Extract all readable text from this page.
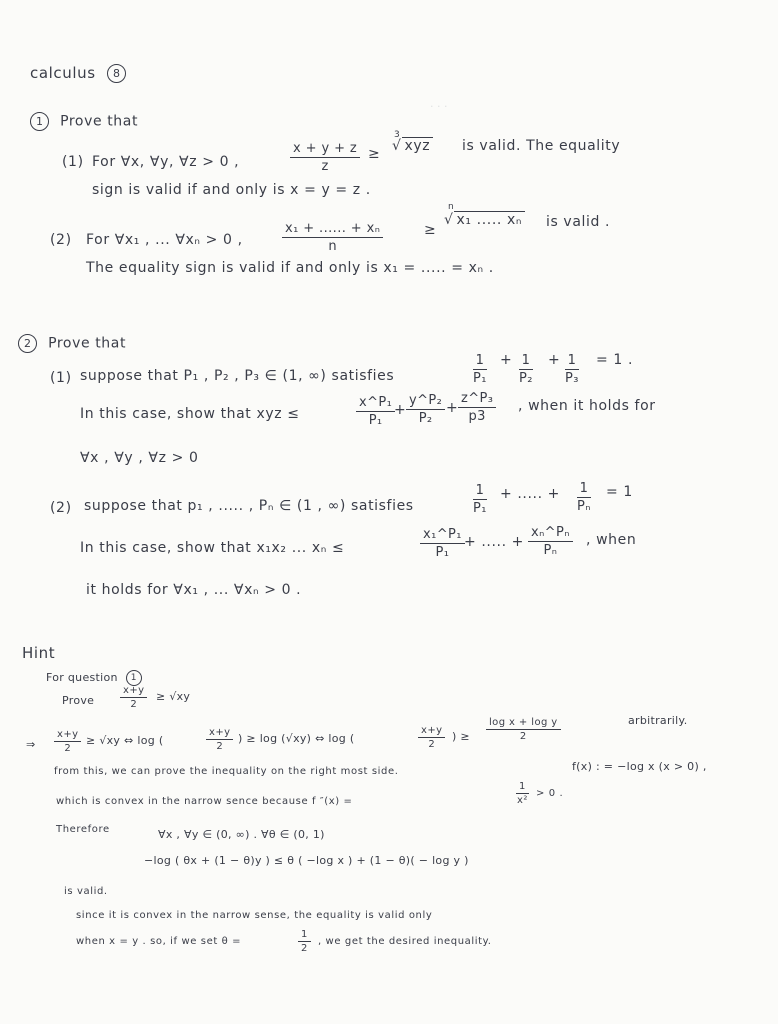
· · ·
calculus 8
1 Prove that
(1) For ∀x, ∀y, ∀z > 0 ,	$\frac{x + y + z}{z}$ ≥
3
√ xyz is valid. The equality
sign is valid if and only is x = y = z .
(2) For ∀x₁ , ... ∀xₙ > 0 ,	$\frac{\text{x₁ + ...... + xₙ}}{n}$	≥
n
√ x₁ ..... xₙ is valid .
The equality sign is valid if and only is x₁ = ..... = xₙ .
2 Prove that
(1) suppose that P₁ , P₂ , P₃ ∈ (1, ∞) satisfies	$\frac{1}{\text{P₁}} + \frac{1}{\text{P₂}} + \frac{1}{\text{P₃}} = 1$ .
In this case, show that xyz ≤	$\frac{\text{x\textasciicircum{}P₁}}{\text{P₁}}$
+ $\frac{\text{y\textasciicircum{}P₂}}{\text{P₂}} + \frac{\text{z\textasciicircum{}P₃}}{p3}$ , when it holds for
∀x , ∀y , ∀z > 0
(2) suppose that p₁ , ..... , Pₙ ∈ (1 , ∞) satisfies	$\frac{1}{\text{P₁}}$ + ..... + $\frac{1}{\text{Pₙ}} = 1$
In this case, show that x₁x₂ ... xₙ ≤	$\frac{\text{x₁\textasciicircum{}P₁}}{\text{P₁}}$ + ..... + $\frac{\text{xₙ\textasciicircum{}Pₙ}}{\text{Pₙ}}$ , when
it holds for ∀x₁ , ... ∀xₙ > 0 .
Hint
For question 1
Prove	$\frac{x+y}{2} \ge √xy$
⇒ $\frac{x+y}{2} \ge √xy$ ⇔ log (	$\frac{x+y}{2}$ ) ≥ log (√xy) ⇔ log (	$\frac{x+y}{2}$ ) ≥ $\frac{\text{log x + log y}}{2}$	arbitrarily.
from this, we can prove the inequality on the right most side.	f(x) : = −log x (x > 0) ,
which is convex in the narrow sence because f ″(x) =	$\frac{1}{\text{x²}} > 0$ .
Therefore	∀x , ∀y ∈ (0, ∞) . ∀θ ∈ (0, 1)
−log ( θx + (1 − θ)y ) ≤ θ ( −log x ) + (1 − θ)( − log y )
is valid.
since it is convex in the narrow sense, the equality is valid only
when x = y . so, if we set θ =	$\frac{1}{2}$ , we get the desired inequality.
